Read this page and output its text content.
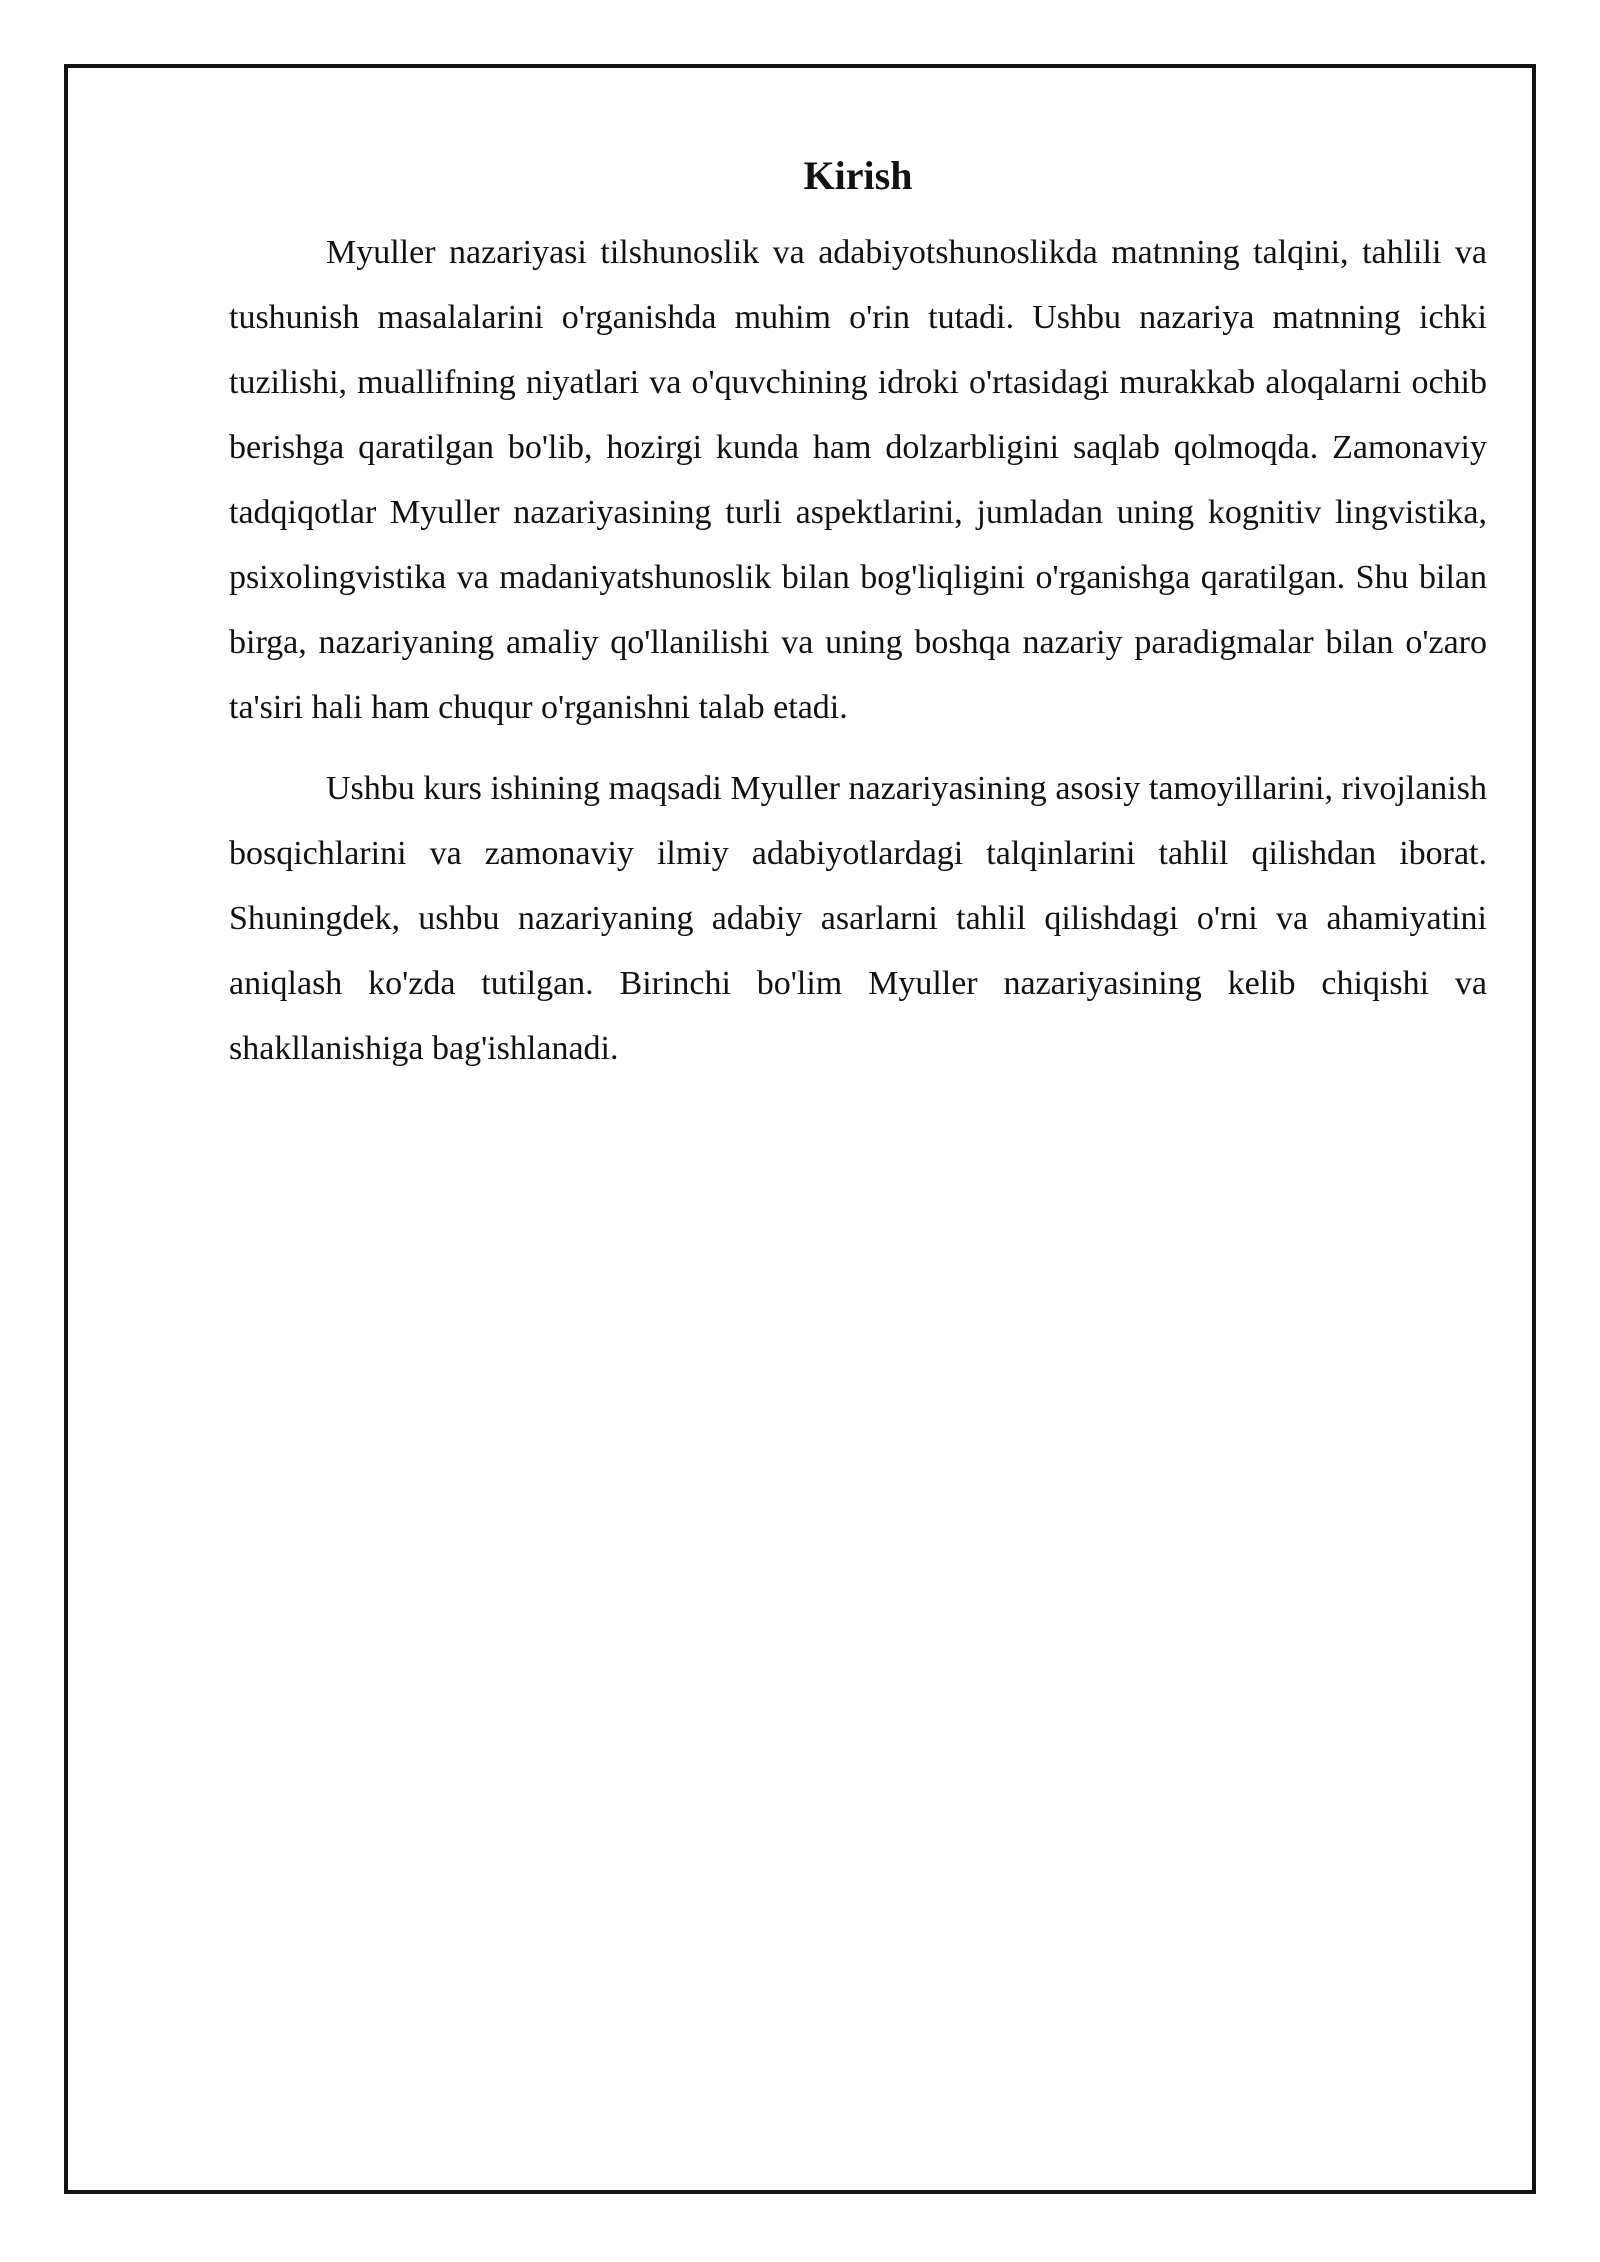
Kirish

Myuller nazariyasi tilshunoslik va adabiyotshunoslikda matnning talqini, tahlili va tushunish masalalarini o'rganishda muhim o'rin tutadi. Ushbu nazariya matnning ichki tuzilishi, muallifning niyatlari va o'quvchining idroki o'rtasidagi murakkab aloqalarni ochib berishga qaratilgan bo'lib, hozirgi kunda ham dolzarbligini saqlab qolmoqda. Zamonaviy tadqiqotlar Myuller nazariyasining turli aspektlarini, jumladan uning kognitiv lingvistika, psixolingvistika va madaniyatshunoslik bilan bog'liqligini o'rganishga qaratilgan. Shu bilan birga, nazariyaning amaliy qo'llanilishi va uning boshqa nazariy paradigmalar bilan o'zaro ta'siri hali ham chuqur o'rganishni talab etadi.

Ushbu kurs ishining maqsadi Myuller nazariyasining asosiy tamoyillarini, rivojlanish bosqichlarini va zamonaviy ilmiy adabiyotlardagi talqinlarini tahlil qilishdan iborat. Shuningdek, ushbu nazariyaning adabiy asarlarni tahlil qilishdagi o'rni va ahamiyatini aniqlash ko'zda tutilgan. Birinchi bo'lim Myuller nazariyasining kelib chiqishi va shakllanishiga bag'ishlanadi.
